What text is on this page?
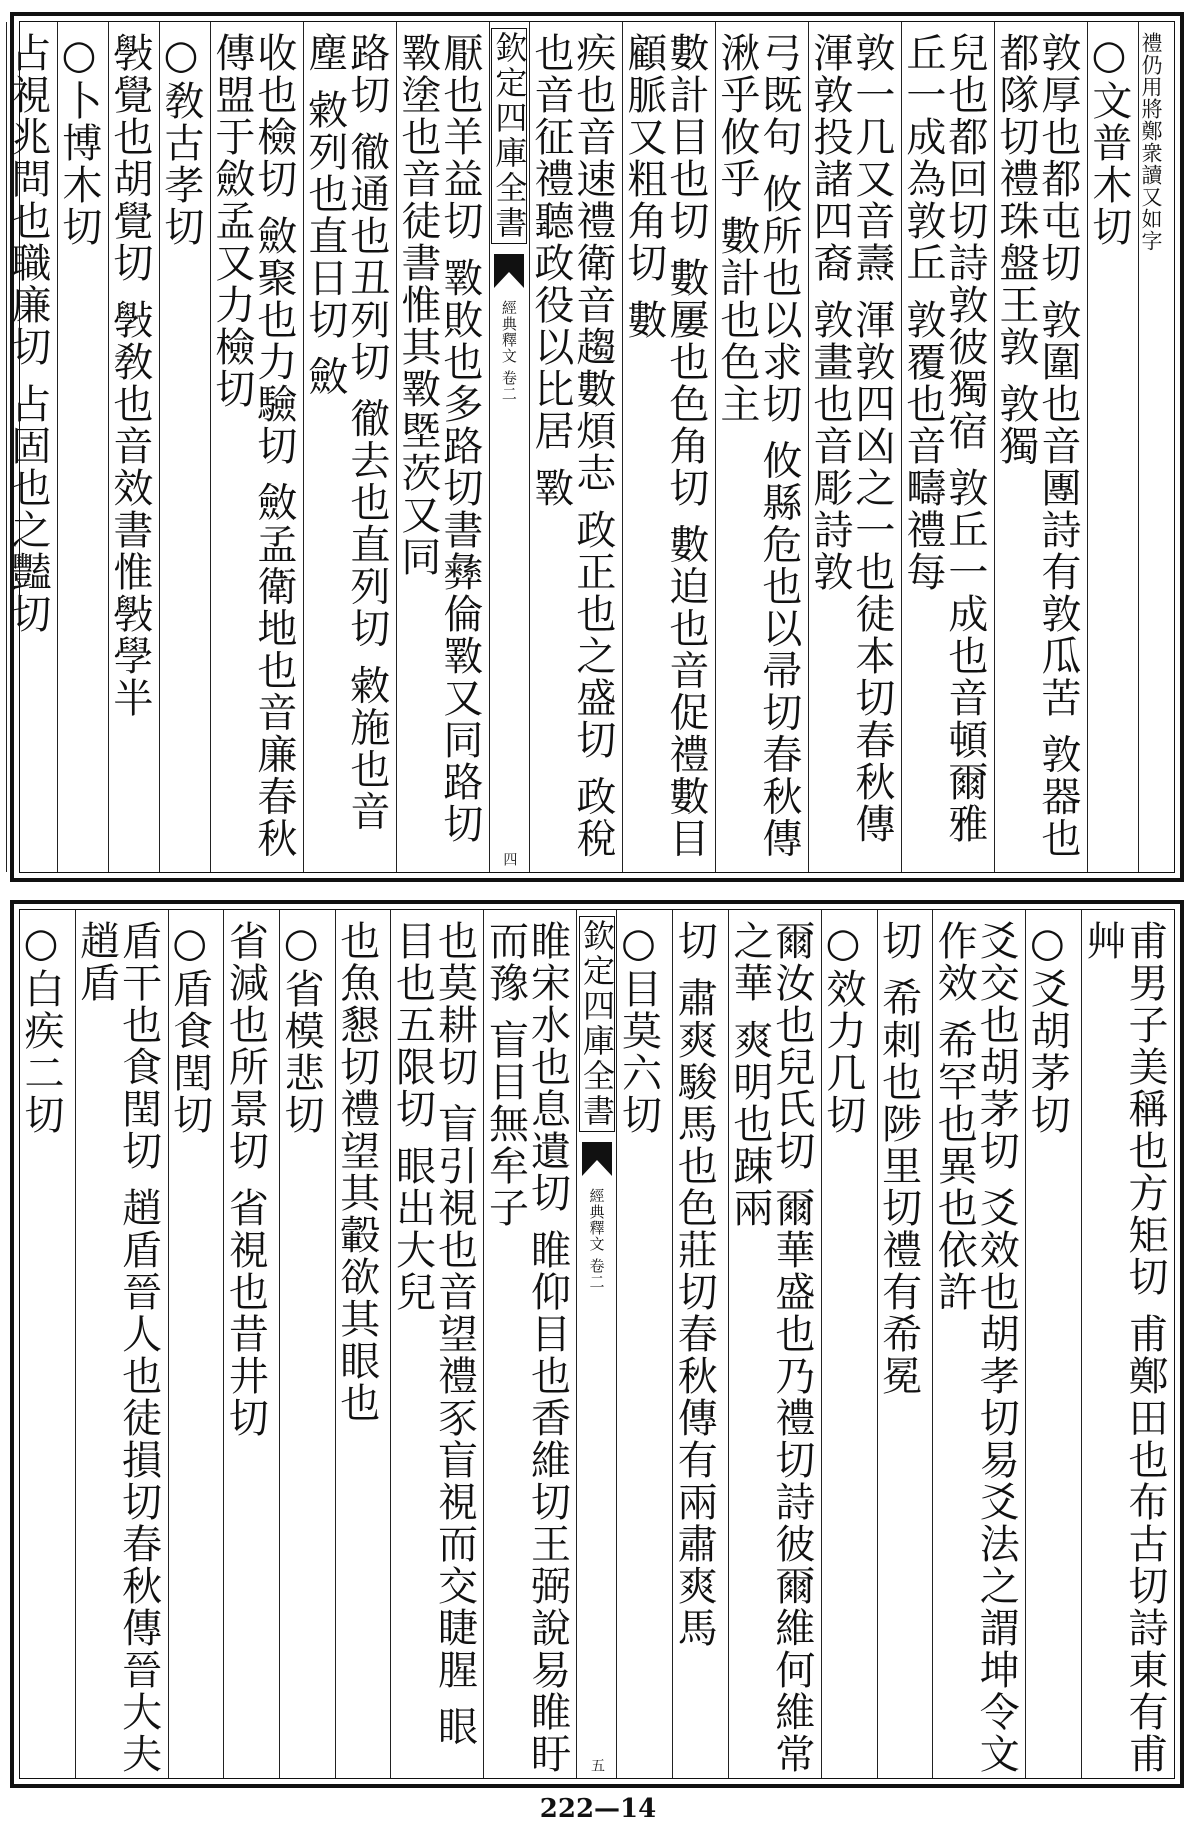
禮仍用將鄭衆讀又如字
○文普木切
敦厚也都屯切 敦圍也音團詩有敦瓜苦 敦器也都隊切禮珠盤王敦 敦獨
兒也都回切詩敦彼獨宿 敦丘一成也音頓爾雅丘一成為敦丘 敦覆也音疇禮每
敦一几又音燾 渾敦四凶之一也徒本切春秋傳渾敦投諸四裔 敦畫也音彫詩敦
弓既句 攸所也以求切 攸縣危也以帚切春秋傳湫乎攸乎 數計也色主
數計目也切 數屢也色角切 數迫也音促禮數目顧脈又粗角切 數
疾也音速禮衛音趨數煩志 政正也之盛切 政稅也音征禮聽政役以比居 斁
欽定四庫全書
經典釋文 卷二
四
厭也羊益切 斁敗也多路切書彝倫斁又同路切 斁塗也音徒書惟其斁塈茨又同
路切 徹通也丑列切 徹去也直列切 敹施也音塵 敹列也直日切 斂
收也檢切 斂聚也力驗切 斂孟衛地也音廉春秋傳盟于斂孟又力檢切
○敎古孝切
斅覺也胡覺切 斅敎也音效書惟斅學半
○卜博木切
占視兆問也職廉切 占固也之豔切
甫男子美稱也方矩切 甫鄭田也布古切詩東有甫艸
○爻胡茅切
爻交也胡茅切 爻效也胡孝切易爻法之謂坤令文作效 希罕也異也依許
切 希刺也陟里切禮有希冕
○效力几切
爾汝也兒氏切 爾華盛也乃禮切詩彼爾維何維常之華 爽明也踈兩
切 肅爽駿馬也色莊切春秋傳有兩肅爽馬
○目莫六切
欽定四庫全書
經典釋文 卷二
五
睢宋水也息遺切 睢仰目也香維切王弼說易睢盱而豫 盲目無牟子
也莫耕切 盲引視也音望禮豕盲視而交睫腥 眼目也五限切 眼出大兒
也魚懇切禮望其轂欲其眼也
○省模悲切
省減也所景切 省視也昔井切
○盾食閏切
盾干也食閏切 趙盾晉人也徒損切春秋傳晉大夫趙盾
○白疾二切
222—14
